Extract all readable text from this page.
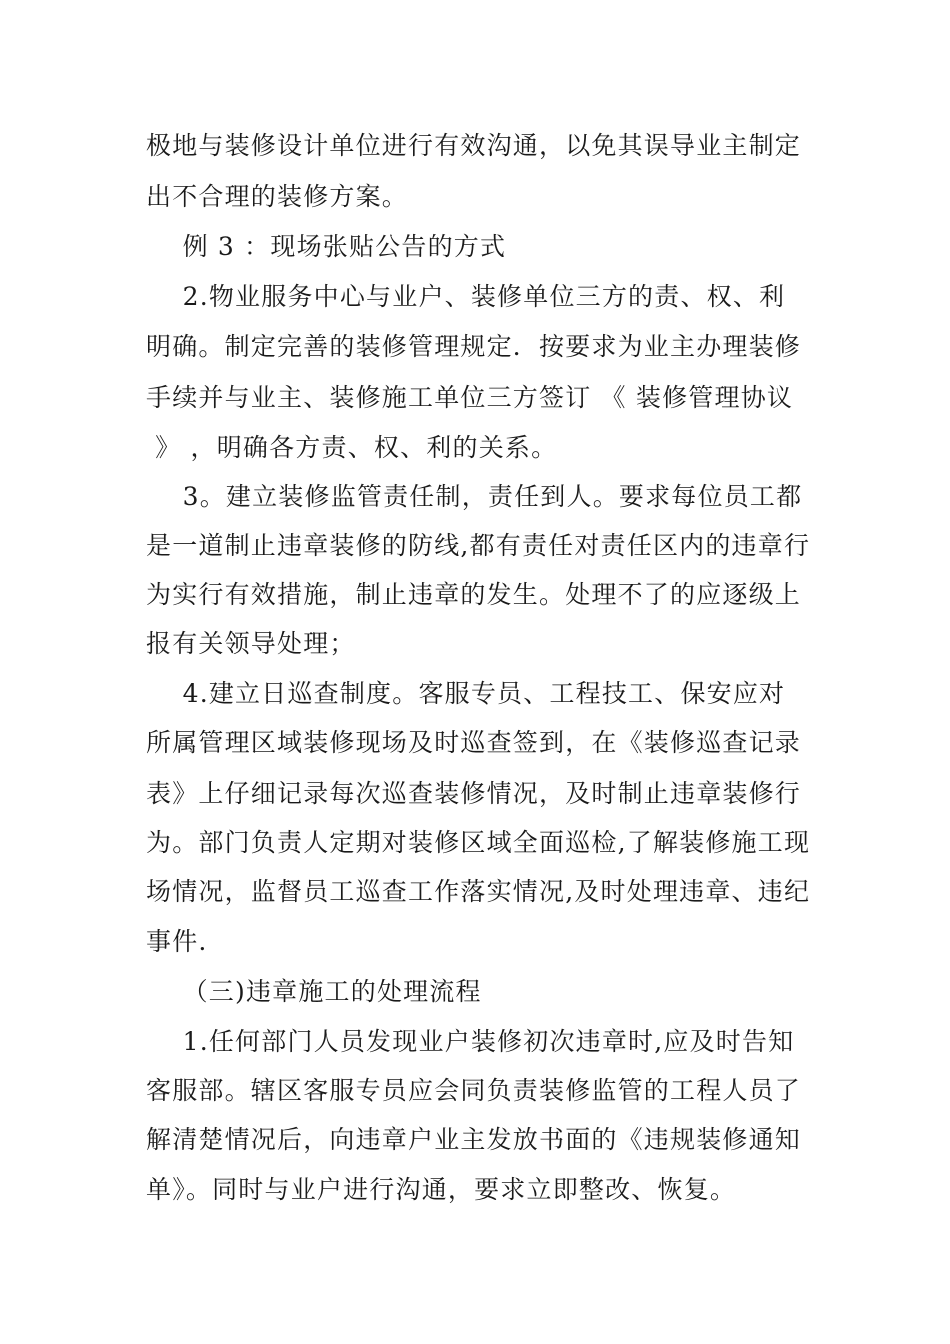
极地与装修设计单位进行有效沟通，以免其误导业主制定
出不合理的装修方案。
例 3 ：现场张贴公告的方式
2.物业服务中心与业户、装修单位三方的责、权、利
明确。制定完善的装修管理规定．按要求为业主办理装修
手续并与业主、装修施工单位三方签订 《 装修管理协议
》 ，明确各方责、权、利的关系。
3。建立装修监管责任制，责任到人。要求每位员工都
是一道制止违章装修的防线,都有责任对责任区内的违章行
为实行有效措施，制止违章的发生。处理不了的应逐级上
报有关领导处理；
4.建立日巡查制度。客服专员、工程技工、保安应对
所属管理区域装修现场及时巡查签到，在《装修巡查记录
表》上仔细记录每次巡查装修情况，及时制止违章装修行
为。部门负责人定期对装修区域全面巡检,了解装修施工现
场情况，监督员工巡查工作落实情况,及时处理违章、违纪
事件.
（三)违章施工的处理流程
1.任何部门人员发现业户装修初次违章时,应及时告知
客服部。辖区客服专员应会同负责装修监管的工程人员了
解清楚情况后，向违章户业主发放书面的《违规装修通知
单》。同时与业户进行沟通，要求立即整改、恢复。
